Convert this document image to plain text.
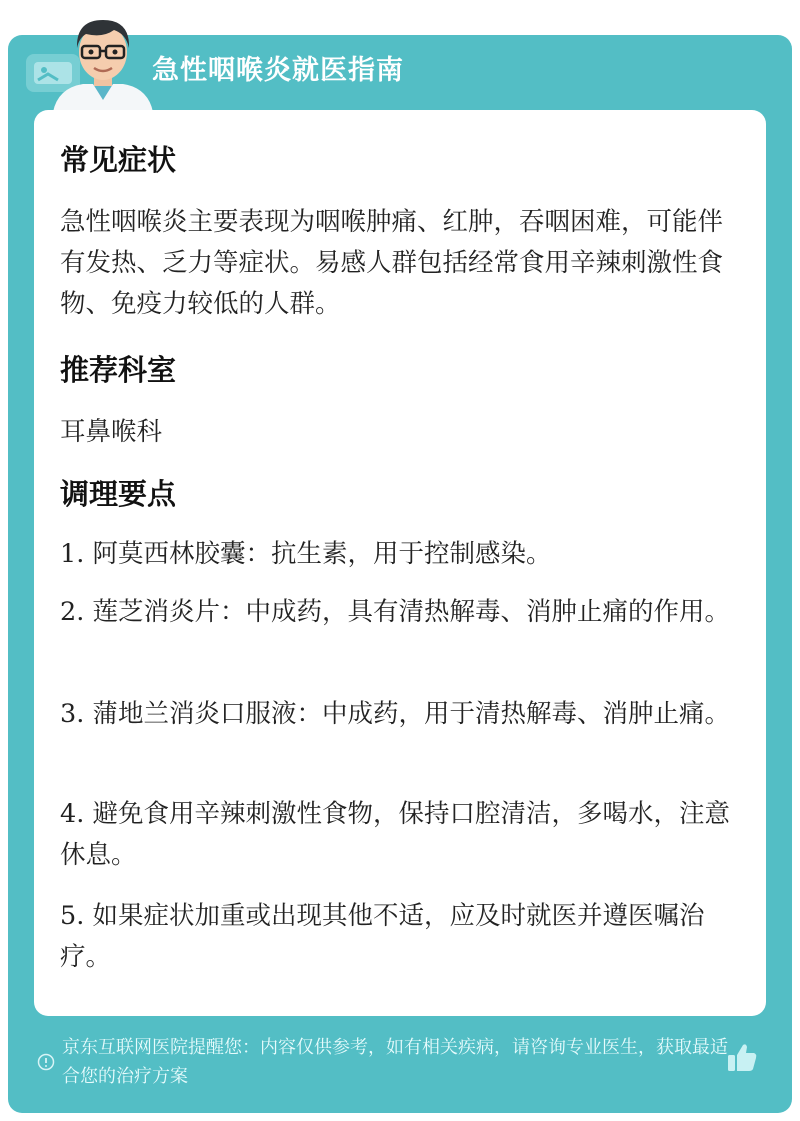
急性咽喉炎就医指南
常见症状
急性咽喉炎主要表现为咽喉肿痛、红肿，吞咽困难，可能伴有发热、乏力等症状。易感人群包括经常食用辛辣刺激性食物、免疫力较低的人群。
推荐科室
耳鼻喉科
调理要点
1. 阿莫西林胶囊：抗生素，用于控制感染。
2. 莲芝消炎片：中成药，具有清热解毒、消肿止痛的作用。
3. 蒲地兰消炎口服液：中成药，用于清热解毒、消肿止痛。
4. 避免食用辛辣刺激性食物，保持口腔清洁，多喝水，注意休息。
5. 如果症状加重或出现其他不适，应及时就医并遵医嘱治疗。
京东互联网医院提醒您：内容仅供参考，如有相关疾病，请咨询专业医生，获取最适合您的治疗方案
